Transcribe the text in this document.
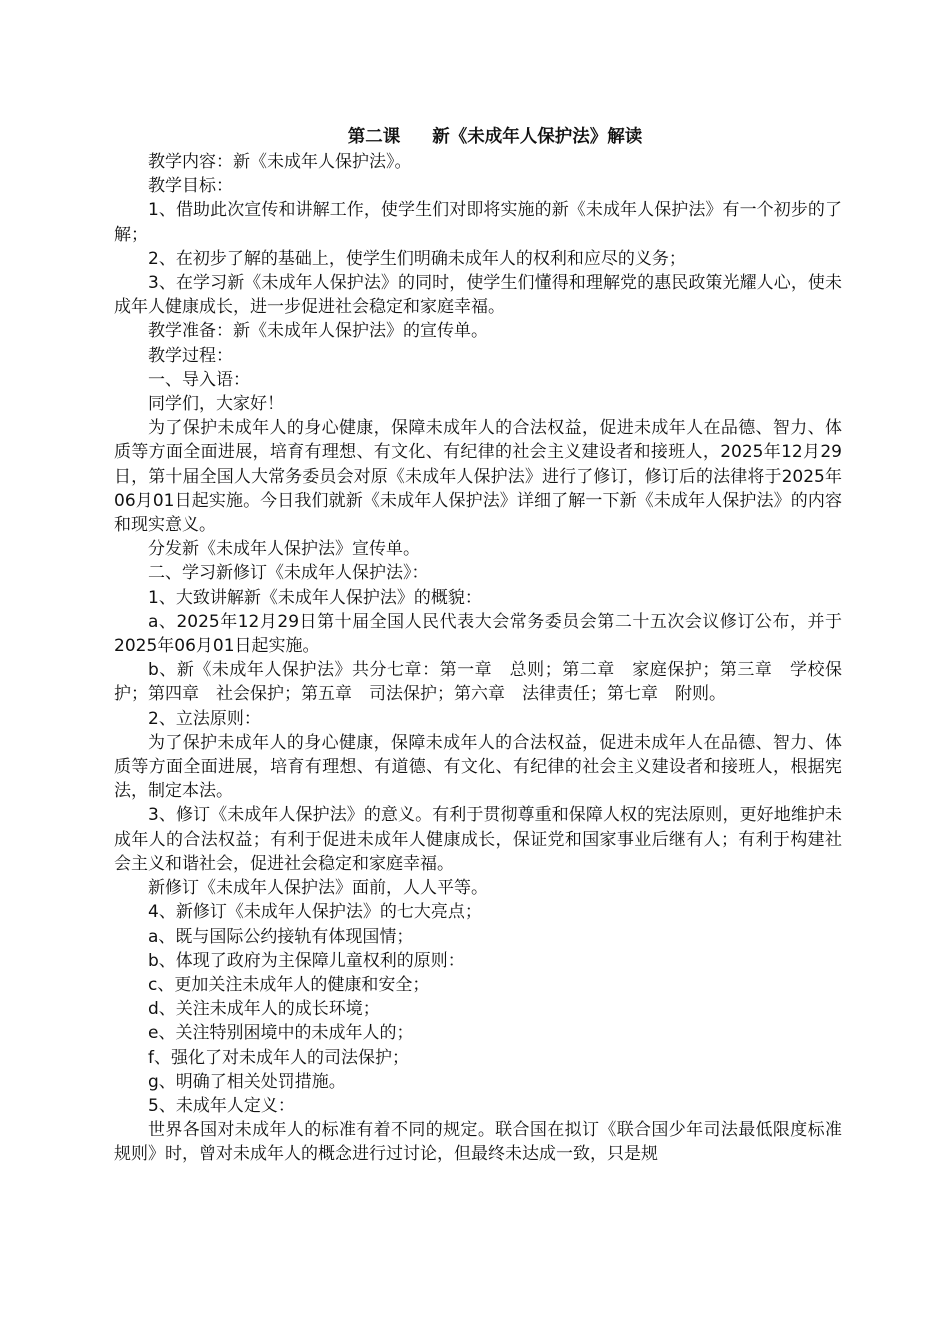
第二课 新《未成年人保护法》解读

教学内容：新《未成年人保护法》。

教学目标：

1、借助此次宣传和讲解工作，使学生们对即将实施的新《未成年人保护法》有一个初步的了解；

2、在初步了解的基础上，使学生们明确未成年人的权利和应尽的义务；

3、在学习新《未成年人保护法》的同时，使学生们懂得和理解党的惠民政策光耀人心，使未成年人健康成长，进一步促进社会稳定和家庭幸福。

教学准备：新《未成年人保护法》的宣传单。

教学过程：

一、导入语：

同学们，大家好！

为了保护未成年人的身心健康，保障未成年人的合法权益，促进未成年人在品德、智力、体质等方面全面进展，培育有理想、有文化、有纪律的社会主义建设者和接班人，2025年12月29日，第十届全国人大常务委员会对原《未成年人保护法》进行了修订，修订后的法律将于2025年06月01日起实施。今日我们就新《未成年人保护法》详细了解一下新《未成年人保护法》的内容和现实意义。

分发新《未成年人保护法》宣传单。

二、学习新修订《未成年人保护法》：

1、大致讲解新《未成年人保护法》的概貌：

a、2025年12月29日第十届全国人民代表大会常务委员会第二十五次会议修订公布，并于2025年06月01日起实施。

b、新《未成年人保护法》共分七章：第一章　总则；第二章　家庭保护；第三章　学校保护；第四章　社会保护；第五章　司法保护；第六章　法律责任；第七章　附则。

2、立法原则：

为了保护未成年人的身心健康，保障未成年人的合法权益，促进未成年人在品德、智力、体质等方面全面进展，培育有理想、有道德、有文化、有纪律的社会主义建设者和接班人，根据宪法，制定本法。

3、修订《未成年人保护法》的意义。有利于贯彻尊重和保障人权的宪法原则，更好地维护未成年人的合法权益；有利于促进未成年人健康成长，保证党和国家事业后继有人；有利于构建社会主义和谐社会，促进社会稳定和家庭幸福。

新修订《未成年人保护法》面前，人人平等。

4、新修订《未成年人保护法》的七大亮点；

a、既与国际公约接轨有体现国情；

b、体现了政府为主保障儿童权利的原则：

c、更加关注未成年人的健康和安全；

d、关注未成年人的成长环境；

e、关注特别困境中的未成年人的；

f、强化了对未成年人的司法保护；

g、明确了相关处罚措施。

5、未成年人定义：

世界各国对未成年人的标准有着不同的规定。联合国在拟订《联合国少年司法最低限度标准规则》时，曾对未成年人的概念进行过讨论，但最终未达成一致，只是规
